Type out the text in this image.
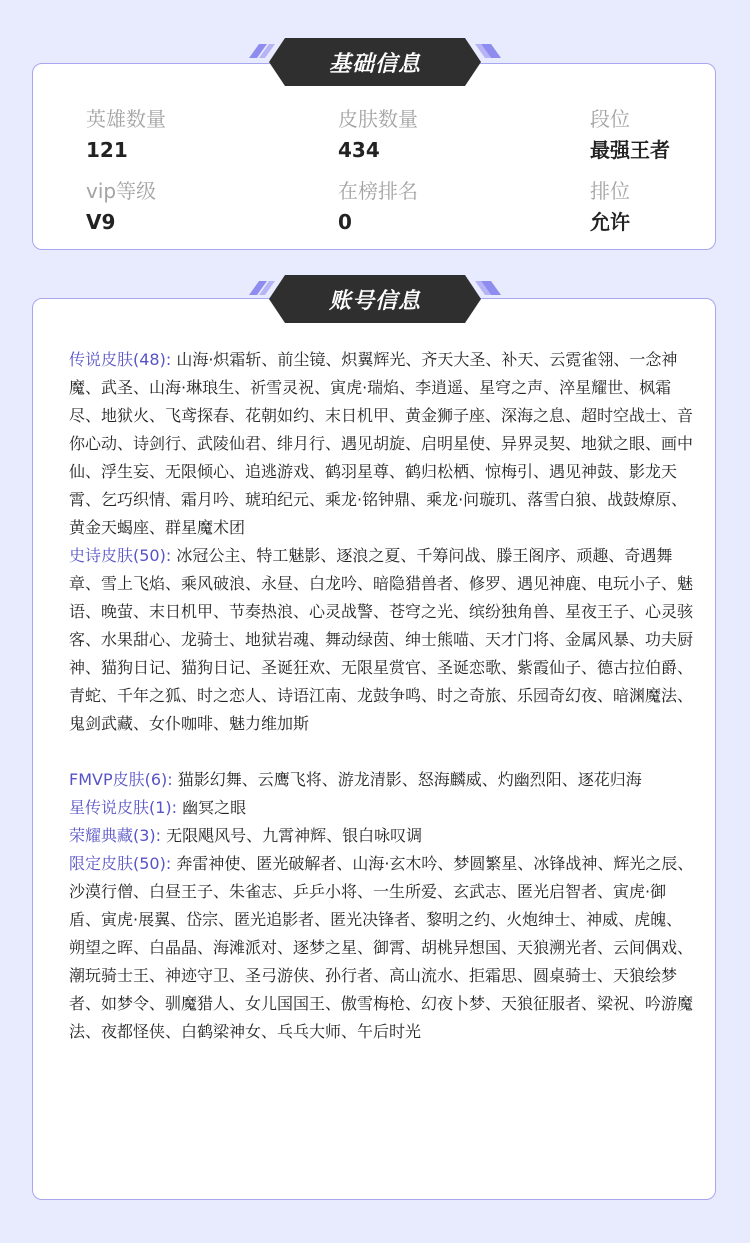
英雄数量
121
皮肤数量
434
段位
最强王者
vip等级
V9
在榜排名
0
排位
允许
基础信息

传说皮肤(48): 山海·炽霜斩、前尘镜、炽翼辉光、齐天大圣、补天、云霓雀翎、一念神魔、武圣、山海·琳琅生、祈雪灵祝、寅虎·瑞焰、李逍遥、星穹之声、淬星耀世、枫霜尽、地狱火、飞鸢探春、花朝如约、末日机甲、黄金狮子座、深海之息、超时空战士、音你心动、诗剑行、武陵仙君、绯月行、遇见胡旋、启明星使、异界灵契、地狱之眼、画中仙、浮生妄、无限倾心、追逃游戏、鹤羽星尊、鹤归松栖、惊梅引、遇见神鼓、影龙天霄、乞巧织情、霜月吟、琥珀纪元、乘龙·铭钟鼎、乘龙·问璇玑、落雪白狼、战鼓燎原、黄金天蝎座、群星魔术团

史诗皮肤(50): 冰冠公主、特工魅影、逐浪之夏、千筹问战、滕王阁序、顽趣、奇遇舞章、雪上飞焰、乘风破浪、永昼、白龙吟、暗隐猎兽者、修罗、遇见神鹿、电玩小子、魅语、晚萤、末日机甲、节奏热浪、心灵战警、苍穹之光、缤纷独角兽、星夜王子、心灵骇客、水果甜心、龙骑士、地狱岩魂、舞动绿茵、绅士熊喵、天才门将、金属风暴、功夫厨神、猫狗日记、猫狗日记、圣诞狂欢、无限星赏官、圣诞恋歌、紫霞仙子、德古拉伯爵、青蛇、千年之狐、时之恋人、诗语江南、龙鼓争鸣、时之奇旅、乐园奇幻夜、暗渊魔法、鬼剑武藏、女仆咖啡、魅力维加斯

FMVP皮肤(6): 猫影幻舞、云鹰飞将、游龙清影、怒海麟威、灼幽烈阳、逐花归海

星传说皮肤(1): 幽冥之眼

荣耀典藏(3): 无限飓风号、九霄神辉、银白咏叹调

限定皮肤(50): 奔雷神使、匿光破解者、山海·玄木吟、梦圆繁星、冰锋战神、辉光之辰、沙漠行僧、白昼王子、朱雀志、乒乒小将、一生所爱、玄武志、匿光启智者、寅虎·御盾、寅虎·展翼、岱宗、匿光追影者、匿光决锋者、黎明之约、火炮绅士、神威、虎魄、朔望之晖、白晶晶、海滩派对、逐梦之星、御霄、胡桃异想国、天狼溯光者、云间偶戏、潮玩骑士王、神迹守卫、圣弓游侠、孙行者、高山流水、拒霜思、圆桌骑士、天狼绘梦者、如梦令、驯魔猎人、女儿国国王、傲雪梅枪、幻夜卜梦、天狼征服者、梁祝、吟游魔法、夜都怪侠、白鹤梁神女、乓乓大师、午后时光

账号信息
